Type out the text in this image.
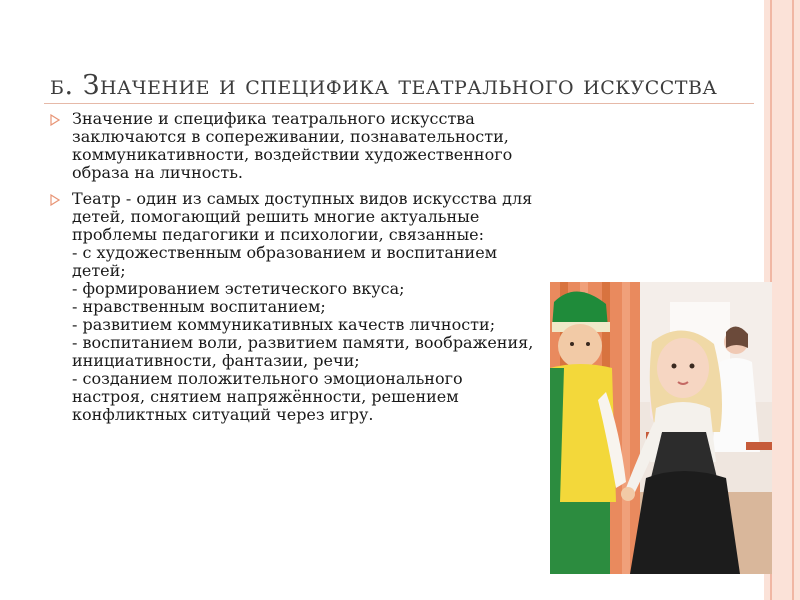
б. Значение и специфика театрального искусства
Значение и специфика театрального искусства заключаются в сопереживании, познавательности, коммуникативности, воздействии художественного образа на личность.
Театр - один из самых доступных видов искусства для детей, помогающий решить многие актуальные проблемы педагогики и психологии, связанные:
- с художественным образованием и воспитанием детей;
- формированием эстетического вкуса;
- нравственным воспитанием;
- развитием коммуникативных качеств личности;
- воспитанием воли, развитием памяти, воображения, инициативности, фантазии, речи;
- созданием положительного эмоционального настроя, снятием напряжённости, решением конфликтных ситуаций через игру.
